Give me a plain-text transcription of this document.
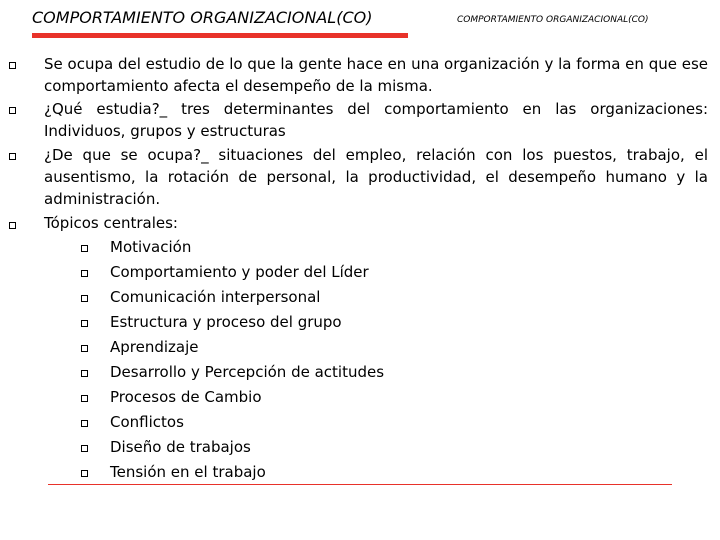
COMPORTAMIENTO ORGANIZACIONAL(CO)	COMPORTAMIENTO ORGANIZACIONAL(CO)
Se ocupa del estudio de lo que la gente hace en una organización y la forma en que ese comportamiento afecta el desempeño de la misma.
¿Qué estudia?_ tres determinantes del comportamiento en las organizaciones: Individuos, grupos y estructuras
¿De que se ocupa?_ situaciones del empleo, relación con los puestos, trabajo, el ausentismo, la rotación de personal, la productividad, el desempeño humano y la administración.
Tópicos centrales:
Motivación
Comportamiento y poder del Líder
Comunicación interpersonal
Estructura y proceso del grupo
Aprendizaje
Desarrollo y Percepción de actitudes
Procesos de Cambio
Conflictos
Diseño de trabajos
Tensión en el trabajo
